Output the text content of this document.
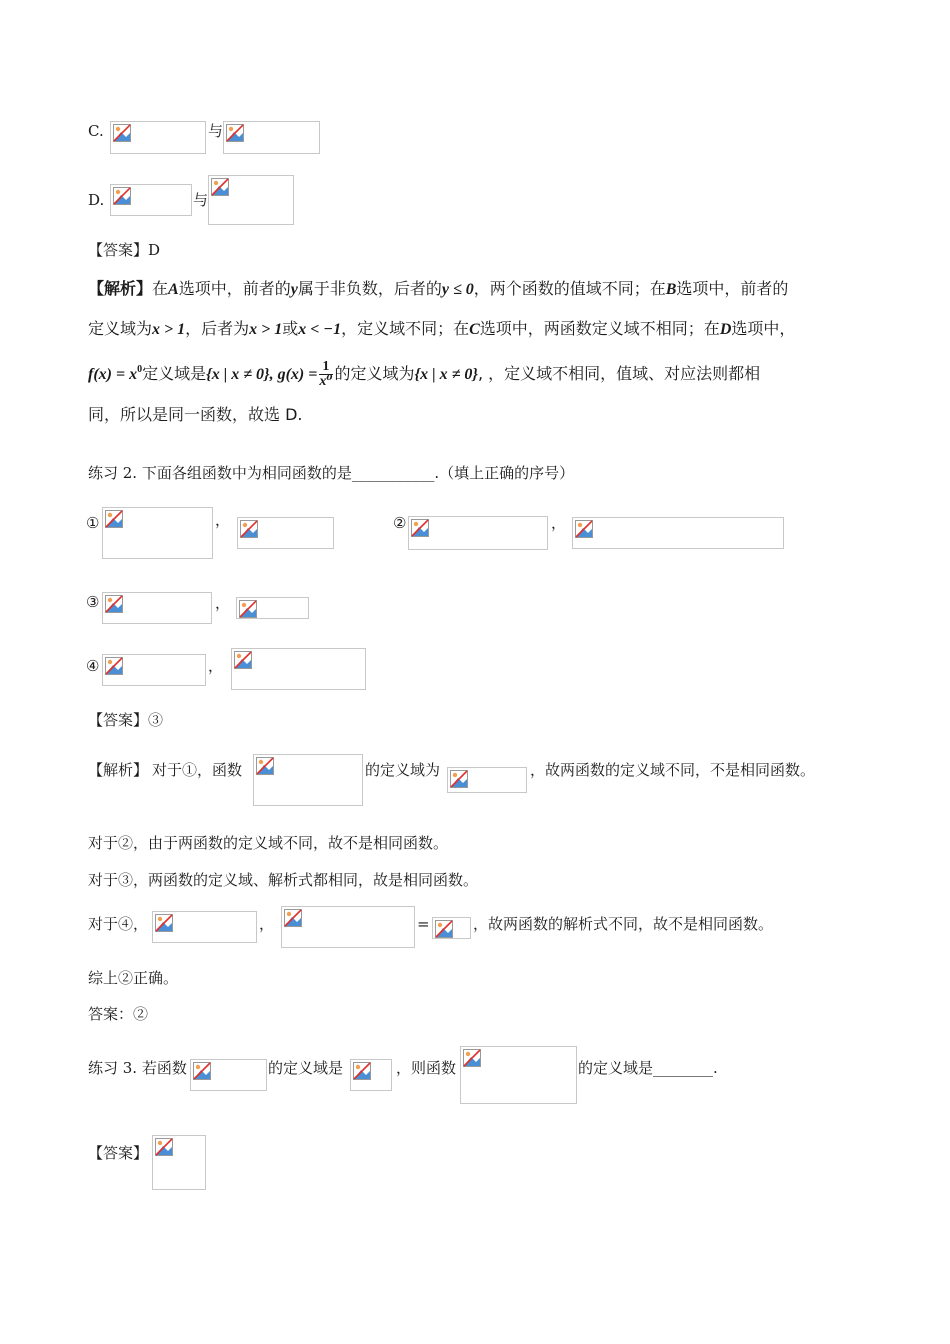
C.	与
D.	与
【答案】D
【解析】在A选项中，前者的y属于非负数，后者的y ≤ 0，两个函数的值域不同；在B选项中，前者的
定义域为x > 1，后者为x > 1或x < −1，定义域不同；在C选项中，两函数定义域不相同；在D选项中，
$f(x) = x^0$定义域是{x | x ≠ 0}, $g(x) = \frac{1}{\text{x⁰}}$ 的定义域为{x | x ≠ 0}, ，定义域不相同，值域、对应法则都相
同，所以是同一函数，故选 D.
练习 2. 下面各组函数中为相同函数的是___________.（填上正确的序号）
①	，	②	，
③	，
④	，
【答案】③
【解析】 对于①，函数	的定义域为	，故两函数的定义域不同，不是相同函数。
对于②，由于两函数的定义域不同，故不是相同函数。
对于③，两函数的定义域、解析式都相同，故是相同函数。
对于④，	，	=	，故两函数的解析式不同，故不是相同函数。
综上②正确。
答案：②
练习 3. 若函数	的定义域是	，则函数	的定义域是________.
【答案】
